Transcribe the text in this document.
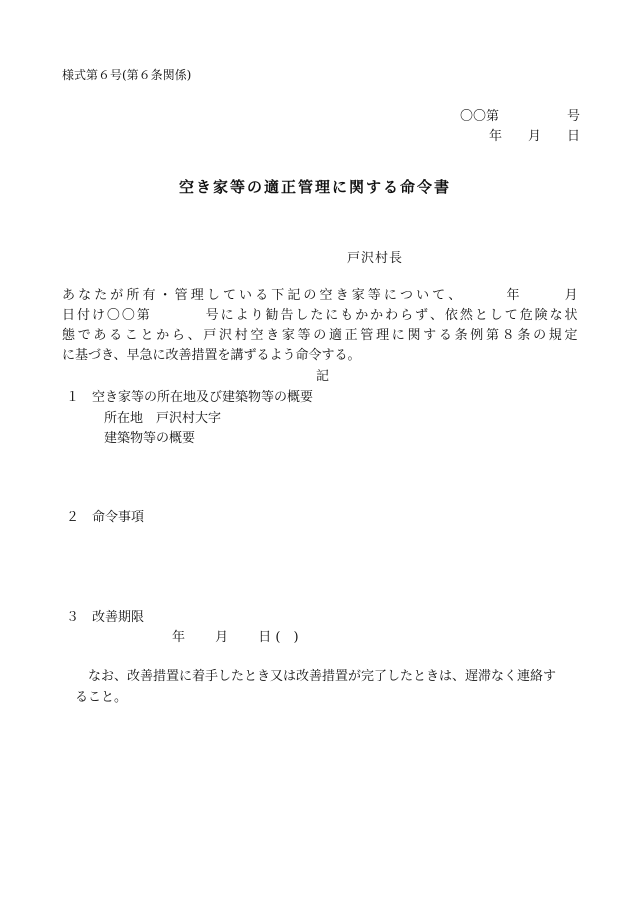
様式第６号(第６条関係)
〇〇第	号
年 月 日
空き家等の適正管理に関する命令書
戸沢村長
あ な た が 所 有 ・ 管 理 し て い る 下 記 の 空 き 家 等 に つ い て 、
　　　	年
　　　	月
日 付 け 〇 〇 第
　　　　	号 に よ り 勧 告 し た に も か か わ ら ず 、 依 然 と し て 危 険 な 状
態 で あ る こ と か ら 、 戸 沢 村 空 き 家 等 の 適 正 管 理 に 関 す る 条 例 第 ８ 条 の 規 定
に基づき、早急に改善措置を講ずるよう命令する。
記
１　空き家等の所在地及び建築物等の概要
所在地　戸沢村大字
建築物等の概要
２　命令事項
３　改善期限
年　　 月　　 日 (　)
なお、改善措置に着手したとき又は改善措置が完了したときは、遅滞なく連絡す
ること。
